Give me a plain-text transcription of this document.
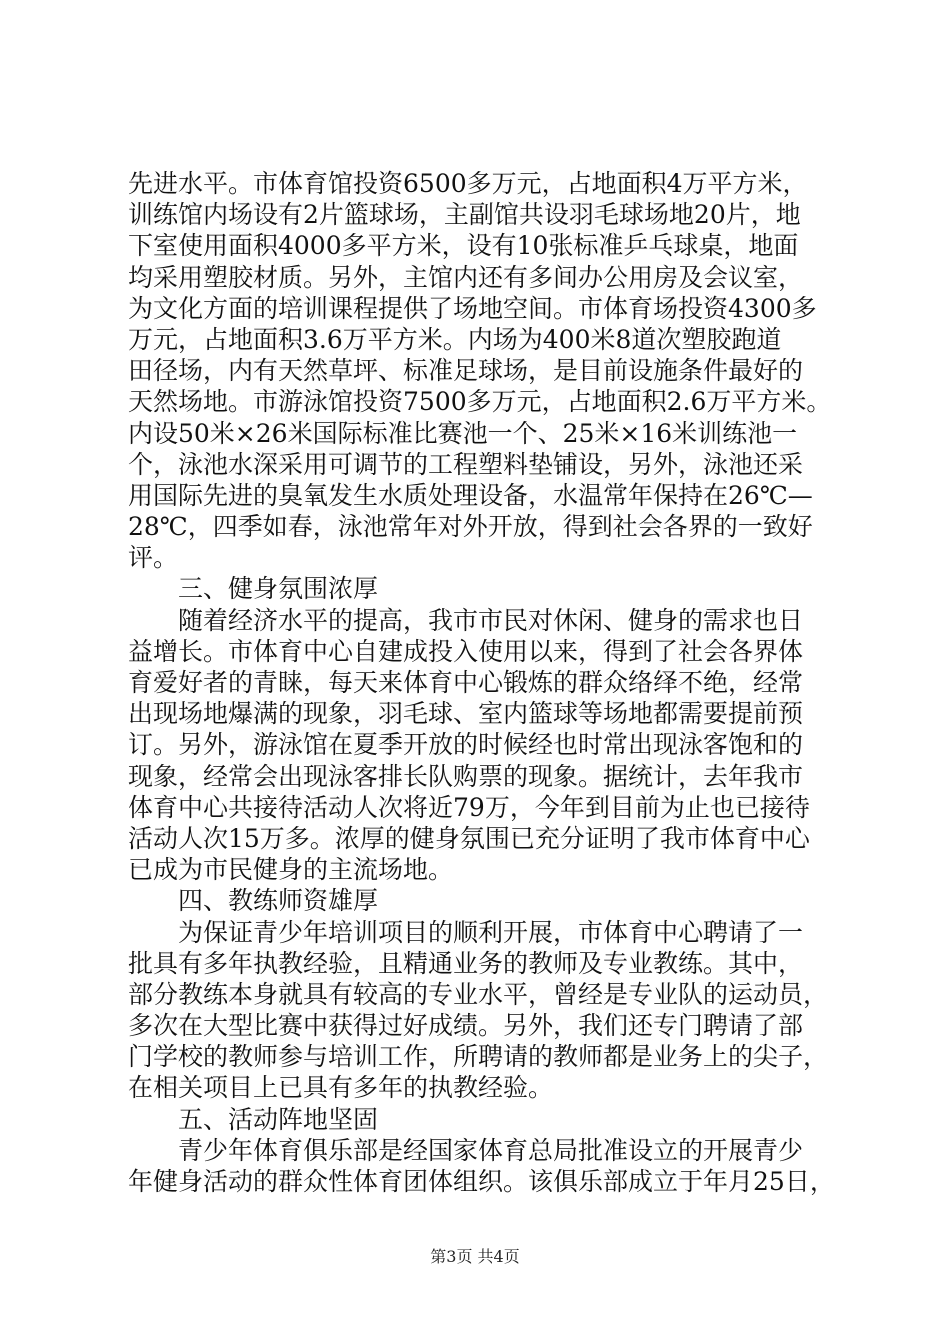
先进水平。市体育馆投资6500多万元，占地面积4万平方米，
训练馆内场设有2片篮球场，主副馆共设羽毛球场地20片，地
下室使用面积4000多平方米，设有10张标准乒乓球桌，地面
均采用塑胶材质。另外，主馆内还有多间办公用房及会议室，
为文化方面的培训课程提供了场地空间。市体育场投资4300多
万元，占地面积3.6万平方米。内场为400米8道次塑胶跑道
田径场，内有天然草坪、标准足球场，是目前设施条件最好的
天然场地。市游泳馆投资7500多万元，占地面积2.6万平方米。
内设50米×26米国际标准比赛池一个、25米×16米训练池一
个，泳池水深采用可调节的工程塑料垫铺设，另外，泳池还采
用国际先进的臭氧发生水质处理设备，水温常年保持在26℃—
28℃，四季如春，泳池常年对外开放，得到社会各界的一致好
评。
三、健身氛围浓厚
随着经济水平的提高，我市市民对休闲、健身的需求也日
益增长。市体育中心自建成投入使用以来，得到了社会各界体
育爱好者的青睐，每天来体育中心锻炼的群众络绎不绝，经常
出现场地爆满的现象，羽毛球、室内篮球等场地都需要提前预
订。另外，游泳馆在夏季开放的时候经也时常出现泳客饱和的
现象，经常会出现泳客排长队购票的现象。据统计，去年我市
体育中心共接待活动人次将近79万，今年到目前为止也已接待
活动人次15万多。浓厚的健身氛围已充分证明了我市体育中心
已成为市民健身的主流场地。
四、教练师资雄厚
为保证青少年培训项目的顺利开展，市体育中心聘请了一
批具有多年执教经验，且精通业务的教师及专业教练。其中，
部分教练本身就具有较高的专业水平，曾经是专业队的运动员，
多次在大型比赛中获得过好成绩。另外，我们还专门聘请了部
门学校的教师参与培训工作，所聘请的教师都是业务上的尖子，
在相关项目上已具有多年的执教经验。
五、活动阵地坚固
青少年体育俱乐部是经国家体育总局批准设立的开展青少
年健身活动的群众性体育团体组织。该俱乐部成立于年月25日，
第3页 共4页
